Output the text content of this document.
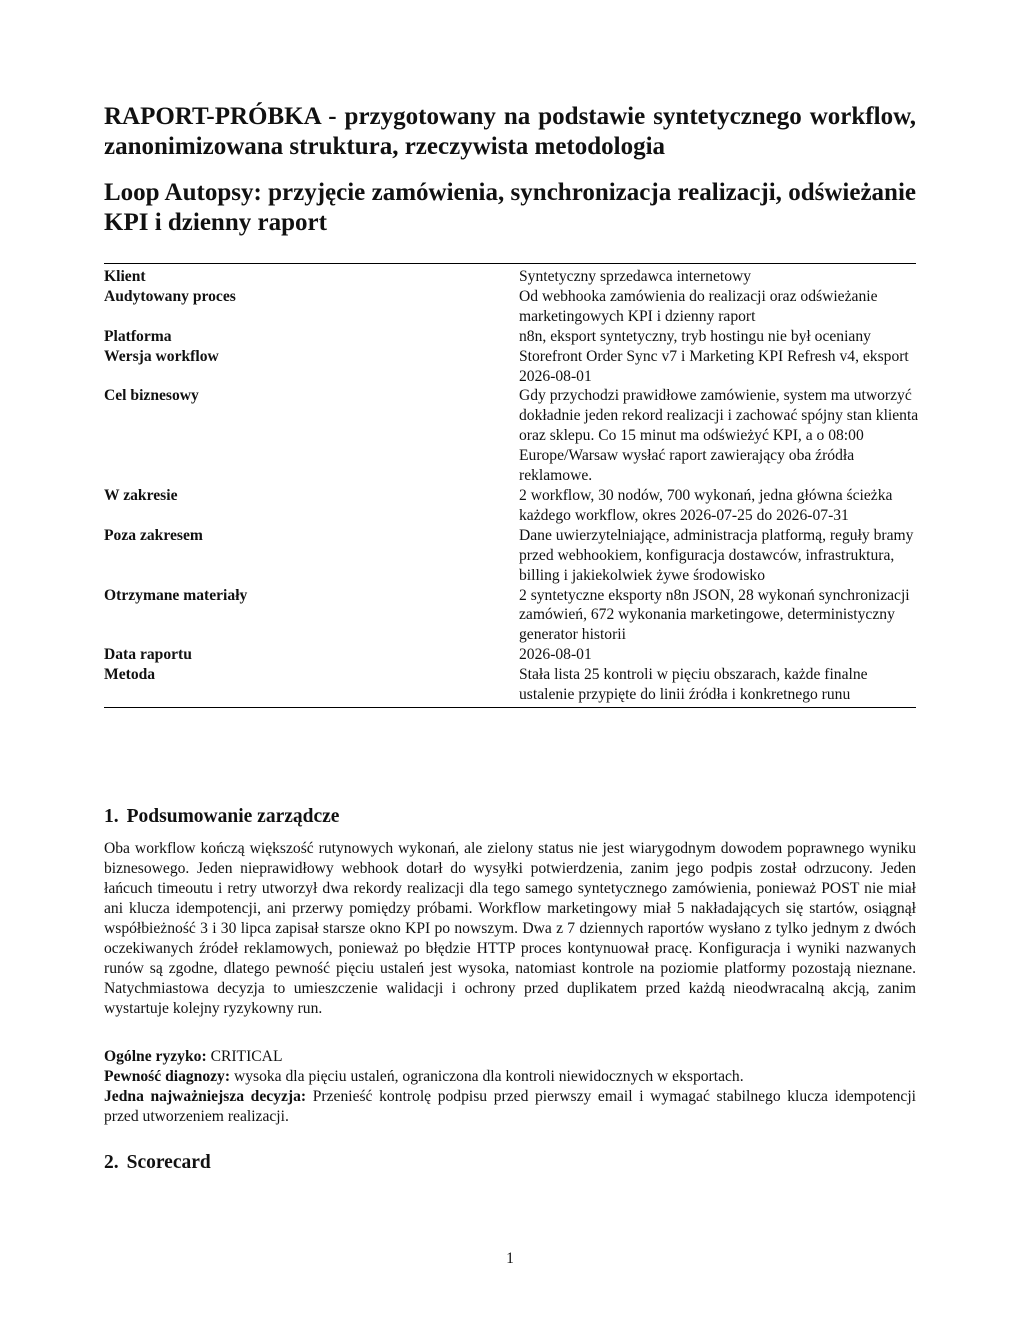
RAPORT-PRÓBKA - przygotowany na podstawie syntetycznego workflow, zanonimizowana struktura, rzeczywista metodologia
Loop Autopsy: przyjęcie zamówienia, synchronizacja realizacji, odświeżanie KPI i dzienny raport
Klient	Syntetyczny sprzedawca internetowy
Audytowany proces	Od webhooka zamówienia do realizacji oraz odświeżanie marketingowych KPI i dzienny raport
Platforma	n8n, eksport syntetyczny, tryb hostingu nie był oceniany
Wersja workflow	Storefront Order Sync v7 i Marketing KPI Refresh v4, eksport 2026-08-01
Cel biznesowy	Gdy przychodzi prawidłowe zamówienie, system ma utworzyć dokładnie jeden rekord realizacji i zachować spójny stan klienta oraz sklepu. Co 15 minut ma odświeżyć KPI, a o 08:00 Europe/Warsaw wysłać raport zawierający oba źródła reklamowe.
W zakresie	2 workflow, 30 nodów, 700 wykonań, jedna główna ścieżka każdego workflow, okres 2026-07-25 do 2026-07-31
Poza zakresem	Dane uwierzytelniające, administracja platformą, reguły bramy przed webhookiem, konfiguracja dostawców, infrastruktura, billing i jakiekolwiek żywe środowisko
Otrzymane materiały	2 syntetyczne eksporty n8n JSON, 28 wykonań synchronizacji zamówień, 672 wykonania marketingowe, deterministyczny generator historii
Data raportu	2026-08-01
Metoda	Stała lista 25 kontroli w pięciu obszarach, każde finalne ustalenie przypięte do linii źródła i konkretnego runu
1. Podsumowanie zarządcze

Oba workflow kończą większość rutynowych wykonań, ale zielony status nie jest wiarygodnym dowodem poprawnego wyniku biznesowego. Jeden nieprawidłowy webhook dotarł do wysyłki potwierdzenia, zanim jego podpis został odrzucony. Jeden łańcuch timeoutu i retry utworzył dwa rekordy realizacji dla tego samego syntetycznego zamówienia, ponieważ POST nie miał ani klucza idempotencji, ani przerwy pomiędzy próbami. Workflow marketingowy miał 5 nakładających się startów, osiągnął współbieżność 3 i 30 lipca zapisał starsze okno KPI po nowszym. Dwa z 7 dziennych raportów wysłano z tylko jednym z dwóch oczekiwanych źródeł reklamowych, ponieważ po błędzie HTTP proces kontynuował pracę. Konfiguracja i wyniki nazwanych runów są zgodne, dlatego pewność pięciu ustaleń jest wysoka, natomiast kontrole na poziomie platformy pozostają nieznane. Natychmiastowa decyzja to umieszczenie walidacji i ochrony przed duplikatem przed każdą nieodwracalną akcją, zanim wystartuje kolejny ryzykowny run.

Ogólne ryzyko: CRITICAL

Pewność diagnozy: wysoka dla pięciu ustaleń, ograniczona dla kontroli niewidocznych w eksportach.

Jedna najważniejsza decyzja: Przenieść kontrolę podpisu przed pierwszy email i wymagać stabilnego klucza idempotencji przed utworzeniem realizacji.

2. Scorecard
1
